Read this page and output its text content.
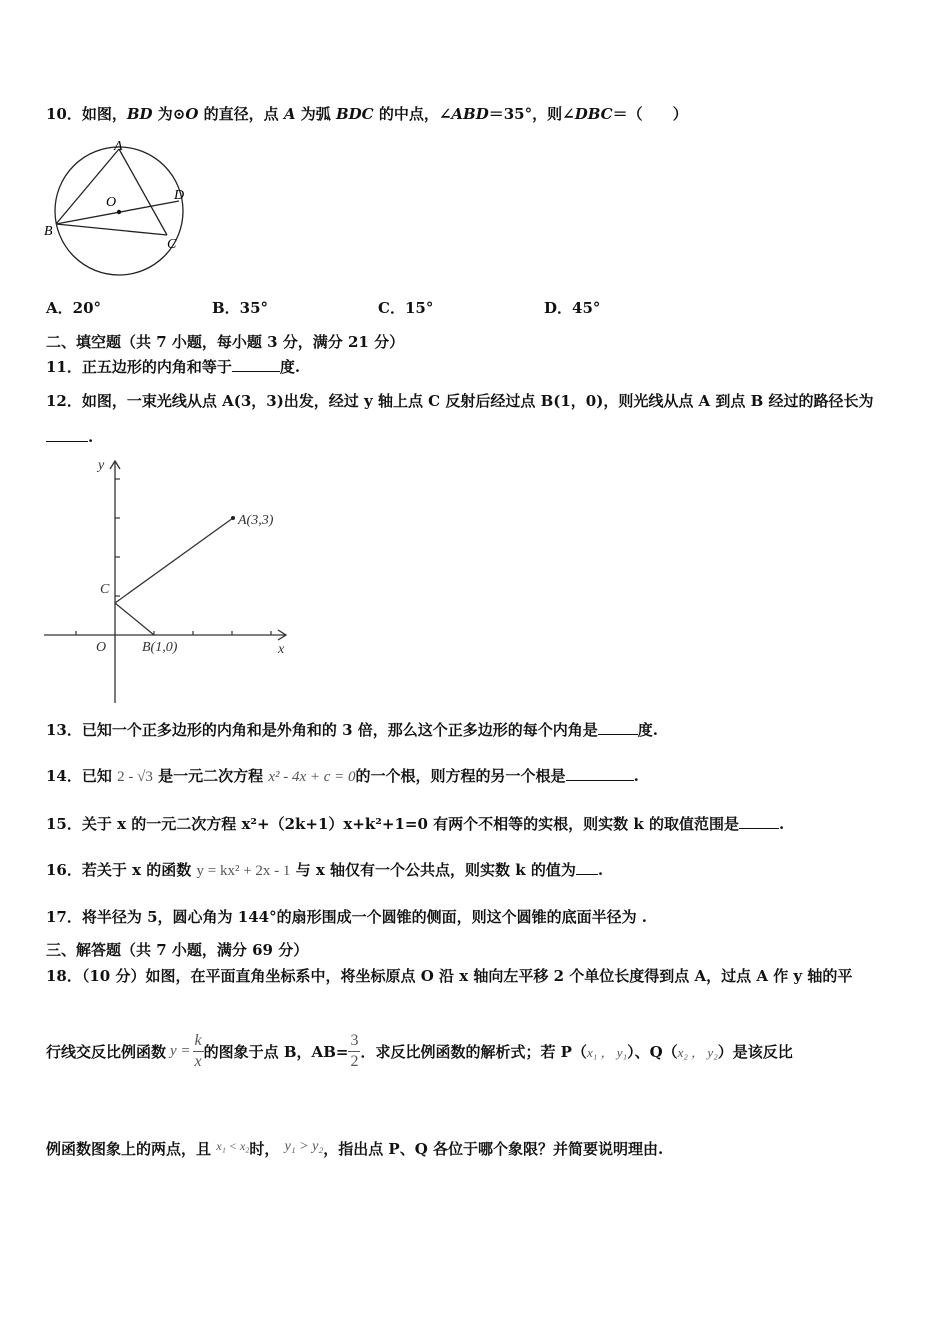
10．如图，BD 为⊙O 的直径，点 A 为弧 BDC 的中点，∠ABD＝35°，则∠DBC＝（　　）
A
B
C
D
O
A．20°	B．35°	C．15°	D．45°
二、填空题（共 7 小题，每小题 3 分，满分 21 分）
11．正五边形的内角和等于	度.
12．如图，一束光线从点 A(3，3)出发，经过 y 轴上点 C 反射后经过点 B(1，0)，则光线从点 A 到点 B 经过的路径长为
.
y
x
O
C
A(3,3)
B(1,0)
13．已知一个正多边形的内角和是外角和的 3 倍，那么这个正多边形的每个内角是	度.
14．已知 2 - √3 是一元二次方程 x² - 4x + c = 0的一个根，则方程的另一个根是	.
15．关于 x 的一元二次方程 x²+（2k+1）x+k²+1=0 有两个不相等的实根，则实数 k 的取值范围是	.
16．若关于 x 的函数 y = kx² + 2x - 1 与 x 轴仅有一个公共点，则实数 k 的值为 .
17．将半径为 5，圆心角为 144°的扇形围成一个圆锥的侧面，则这个圆锥的底面半径为 .
三、解答题（共 7 小题，满分 69 分）
18．（10 分）如图，在平面直角坐标系中，将坐标原点 O 沿 x 轴向左平移 2 个单位长度得到点 A，过点 A 作 y 轴的平
行线交反比例函数 $y = \frac{k}{x}$ 的图象于点 B，$AB= \frac{3}{2}$ ．求反比例函数的解析式；若 P（ x₁ ， y₁ ）、Q（ x₂ ， y₂ ）是该反比
例函数图象上的两点，且 $^{x_1 < x_2}$时， y₁ > y₂，指出点 P、Q 各位于哪个象限？并简要说明理由.
